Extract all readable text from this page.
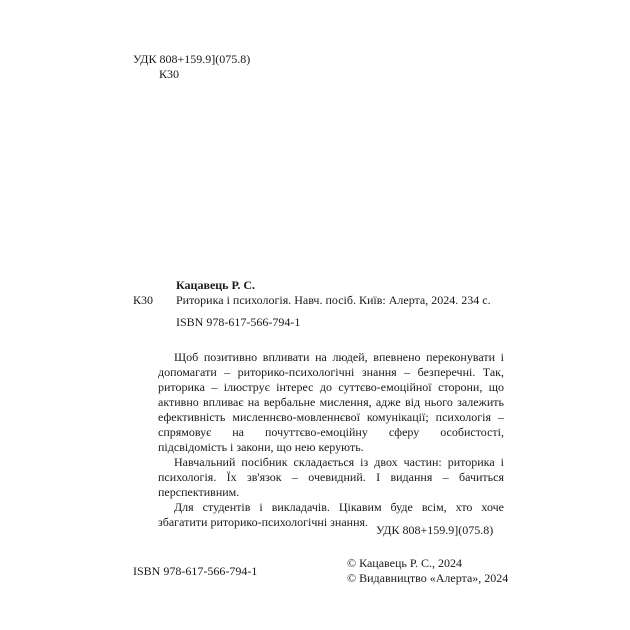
УДК 808+159.9](075.8)
К30
Кацавець Р. С.
К30 Риторика і психологія. Навч. посіб. Київ: Алерта, 2024. 234 с.
ISBN 978-617-566-794-1

Щоб позитивно впливати на людей, впевнено переконувати і допомагати – риторико-психологічні знання – безперечні. Так, риторика – ілюструє інтерес до суттєво-емоційної сторони, що активно впливає на вербальне мислення, адже від нього залежить ефективність мисленнєво-мовленнєвої комунікації; психологія – спрямовує на почуттєво-емоційну сферу особистості, підсвідомість і закони, що нею керують.

Навчальний посібник складається із двох частин: риторика і психологія. Їх зв'язок – очевидний. І видання – бачиться перспективним.

Для студентів і викладачів. Цікавим буде всім, хто хоче збагатити риторико-психологічні знання.

УДК 808+159.9](075.8)
ISBN 978-617-566-794-1
© Кацавець Р. С., 2024
© Видавництво «Алерта», 2024
